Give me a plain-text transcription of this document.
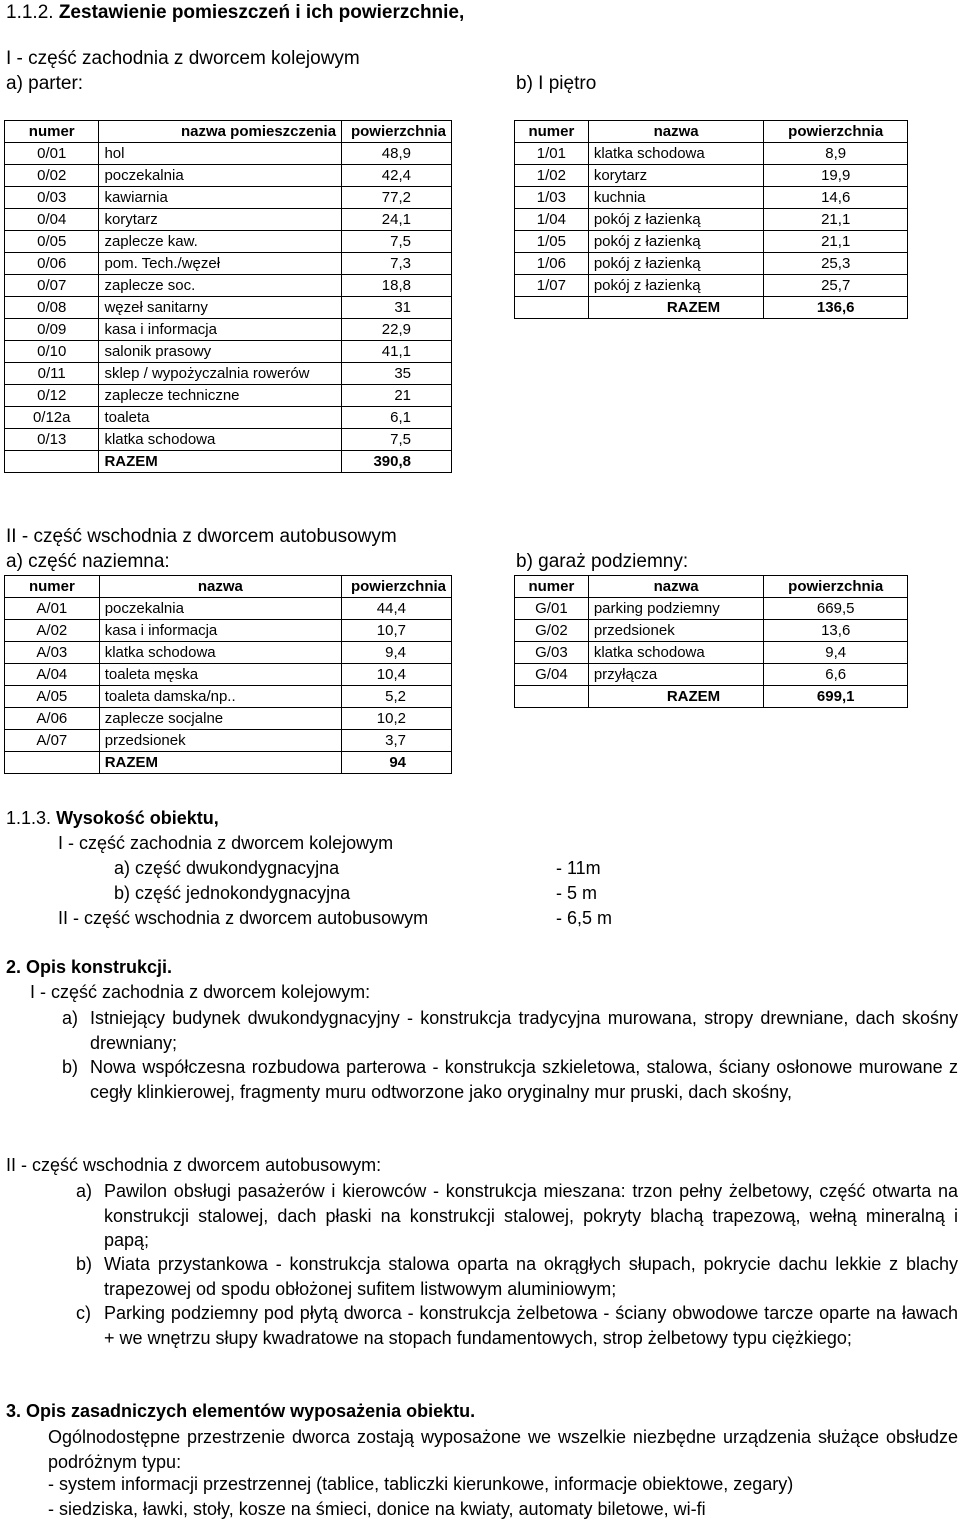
1.1.2. Zestawienie pomieszczeń i ich powierzchnie,
I - część zachodnia z dworcem kolejowym
a) parter:	b) I piętro
numer	nazwa pomieszczenia	powierzchnia
0/01	hol	48,9
0/02	poczekalnia	42,4
0/03	kawiarnia	77,2
0/04	korytarz	24,1
0/05	zaplecze kaw.	7,5
0/06	pom. Tech./węzeł	7,3
0/07	zaplecze soc.	18,8
0/08	węzeł sanitarny	31
0/09	kasa i informacja	22,9
0/10	salonik prasowy	41,1
0/11	sklep / wypożyczalnia rowerów	35
0/12	zaplecze techniczne	21
0/12a	toaleta	6,1
0/13	klatka schodowa	7,5
	RAZEM	390,8
numer	nazwa	powierzchnia
1/01	klatka schodowa	8,9
1/02	korytarz	19,9
1/03	kuchnia	14,6
1/04	pokój z łazienką	21,1
1/05	pokój z łazienką	21,1
1/06	pokój z łazienką	25,3
1/07	pokój z łazienką	25,7
	RAZEM	136,6
II - część wschodnia z dworcem autobusowym
a) część naziemna:	b) garaż podziemny:
numer	nazwa	powierzchnia
A/01	poczekalnia	44,4
A/02	kasa i informacja	10,7
A/03	klatka schodowa	9,4
A/04	toaleta męska	10,4
A/05	toaleta damska/np..	5,2
A/06	zaplecze socjalne	10,2
A/07	przedsionek	3,7
	RAZEM	94
numer	nazwa	powierzchnia
G/01	parking podziemny	669,5
G/02	przedsionek	13,6
G/03	klatka schodowa	9,4
G/04	przyłącza	6,6
	RAZEM	699,1
1.1.3. Wysokość obiektu,
I - część zachodnia z dworcem kolejowym
a) część dwukondygnacyjna	- 11m
b) część jednokondygnacyjna	- 5 m
II - część wschodnia z dworcem autobusowym	- 6,5 m
2. Opis konstrukcji.
I - część zachodnia z dworcem kolejowym:
a) Istniejący budynek dwukondygnacyjny - konstrukcja tradycyjna murowana, stropy drewniane, dach skośny drewniany;
b) Nowa współczesna rozbudowa parterowa - konstrukcja szkieletowa, stalowa, ściany osłonowe murowane z cegły klinkierowej, fragmenty muru odtworzone jako oryginalny mur pruski, dach skośny,
II - część wschodnia z dworcem autobusowym:
a) Pawilon obsługi pasażerów i kierowców - konstrukcja mieszana: trzon pełny żelbetowy, część otwarta na konstrukcji stalowej, dach płaski na konstrukcji stalowej, pokryty blachą trapezową, wełną mineralną i papą;
b) Wiata przystankowa - konstrukcja stalowa oparta na okrągłych słupach, pokrycie dachu lekkie z blachy trapezowej od spodu obłożonej sufitem listwowym aluminiowym;
c) Parking podziemny pod płytą dworca - konstrukcja żelbetowa - ściany obwodowe tarcze oparte na ławach + we wnętrzu słupy kwadratowe na stopach fundamentowych, strop żelbetowy typu ciężkiego;
3. Opis zasadniczych elementów wyposażenia obiektu.
Ogólnodostępne przestrzenie dworca zostają wyposażone we wszelkie niezbędne urządzenia służące obsłudze podróżnym typu:
- system informacji przestrzennej (tablice, tabliczki kierunkowe, informacje obiektowe, zegary)
- siedziska, ławki, stoły, kosze na śmieci, donice na kwiaty, automaty biletowe, wi-fi
